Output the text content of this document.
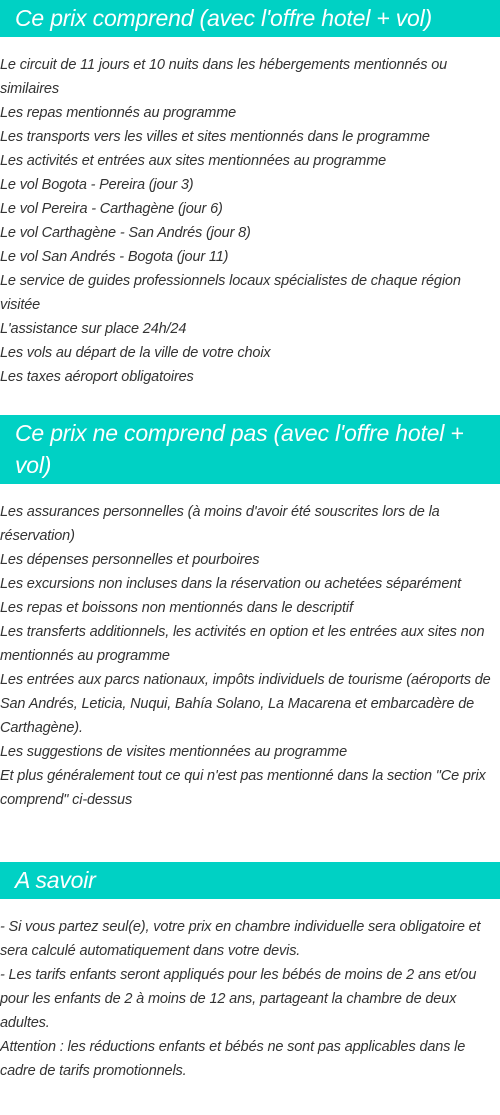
Ce prix comprend (avec l'offre hotel + vol)
Le circuit de 11 jours et 10 nuits dans les hébergements mentionnés ou similaires
Les repas mentionnés au programme
Les transports vers les villes et sites mentionnés dans le programme
Les activités et entrées aux sites mentionnées au programme
Le vol Bogota - Pereira (jour 3)
Le vol Pereira - Carthagène (jour 6)
Le vol Carthagène - San Andrés (jour 8)
Le vol San Andrés - Bogota (jour 11)
Le service de guides professionnels locaux spécialistes de chaque région visitée
L'assistance sur place 24h/24
Les vols au départ de la ville de votre choix
Les taxes aéroport obligatoires
Ce prix ne comprend pas (avec l'offre hotel + vol)
Les assurances personnelles (à moins d'avoir été souscrites lors de la réservation)
Les dépenses personnelles et pourboires
Les excursions non incluses dans la réservation ou achetées séparément
Les repas et boissons non mentionnés dans le descriptif
Les transferts additionnels, les activités en option et les entrées aux sites non mentionnés au programme
Les entrées aux parcs nationaux, impôts individuels de tourisme (aéroports de San Andrés, Leticia, Nuqui, Bahía Solano, La Macarena et embarcadère de Carthagène).
Les suggestions de visites mentionnées au programme
Et plus généralement tout ce qui n'est pas mentionné dans la section "Ce prix comprend" ci-dessus
A savoir
- Si vous partez seul(e), votre prix en chambre individuelle sera obligatoire et sera calculé automatiquement dans votre devis.
- Les tarifs enfants seront appliqués pour les bébés de moins de 2 ans et/ou pour les enfants de 2 à moins de 12 ans, partageant la chambre de deux adultes.
Attention : les réductions enfants et bébés ne sont pas applicables dans le cadre de tarifs promotionnels.
